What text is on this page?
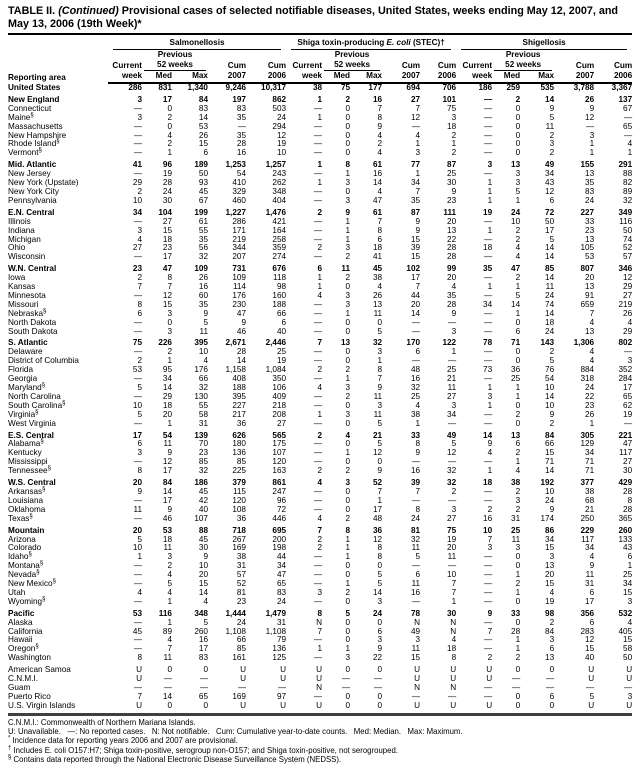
TABLE II. (Continued) Provisional cases of selected notifiable diseases, United States, weeks ending May 12, 2007, and May 13, 2006 (19th Week)*
Reporting area	Salmonellosis					Shiga toxin-producing E. coli (STEC)†					Shigellosis				

		Previous					Previous					Previous			
	Current	52 weeks		Cum	Cum	Current	52 weeks		Cum	Cum	Current	52 weeks		Cum	Cum
	week	Med	Max	2007	2006	week	Med	Max	2007	2006	week	Med	Max	2007	2006
United States	286	831	1,340	9,246	10,317	38	75	177	694	706	186	259	535	3,788	3,367
New England	3	17	84	197	862	1	2	16	27	101	—	2	14	26	137
Connecticut	—	0	83	83	503	—	0	7	7	75	—	0	9	9	67
Maine§	3	2	14	35	24	1	0	8	12	3	—	0	5	12	—
Massachusetts	—	0	53	—	294	—	0	9	—	18	—	0	11	—	65
New Hampshire	—	4	26	35	12	—	0	4	4	2	—	0	2	3	—
Rhode Island§	—	2	15	28	19	—	0	2	1	1	—	0	3	1	4
Vermont§	—	1	6	16	10	—	0	4	3	2	—	0	2	1	1
Mid. Atlantic	41	96	189	1,253	1,257	1	8	61	77	87	3	13	49	155	291
New Jersey	—	19	50	54	243	—	1	16	1	25	—	3	34	13	88
New York (Upstate)	29	28	93	410	262	1	3	14	34	30	1	3	43	35	82
New York City	2	24	45	329	348	—	0	4	7	9	1	5	12	83	89
Pennsylvania	10	30	67	460	404	—	3	47	35	23	1	1	6	24	32
E.N. Central	34	104	199	1,227	1,476	2	9	61	87	111	19	24	72	227	349
Illinois	—	27	61	286	421	—	1	7	9	20	—	10	50	33	116
Indiana	3	15	55	171	164	—	1	8	9	13	1	2	17	23	50
Michigan	4	18	35	219	258	—	1	6	15	22	—	2	5	13	74
Ohio	27	23	56	344	359	2	3	18	39	28	18	4	14	105	52
Wisconsin	—	17	32	207	274	—	2	41	15	28	—	4	14	53	57
W.N. Central	23	47	109	731	676	6	11	45	102	99	35	47	85	807	346
Iowa	2	8	26	109	118	1	2	38	17	20	—	2	14	20	12
Kansas	7	7	16	114	98	1	0	4	7	4	1	1	11	13	29
Minnesota	—	12	60	176	160	4	3	26	44	35	—	5	24	91	27
Missouri	8	15	35	230	188	—	3	13	20	28	34	14	74	659	219
Nebraska§	6	3	9	47	66	—	1	11	14	9	—	1	14	7	26
North Dakota	—	0	5	9	6	—	0	0	—	—	—	0	18	4	4
South Dakota	—	3	11	46	40	—	0	5	—	3	—	6	24	13	29
S. Atlantic	75	226	395	2,671	2,446	7	13	32	170	122	78	71	143	1,306	802
Delaware	—	2	10	28	25	—	0	3	6	1	—	0	2	4	—
District of Columbia	2	1	4	14	19	—	0	1	—	—	—	0	5	4	3
Florida	53	95	176	1,158	1,084	2	2	8	48	25	73	36	76	884	352
Georgia	—	34	66	408	350	—	1	7	16	21	—	25	54	318	284
Maryland§	5	14	32	188	106	4	3	9	32	11	1	1	10	24	17
North Carolina	—	29	130	395	409	—	2	11	25	27	3	1	14	22	65
South Carolina§	10	18	55	227	218	—	0	3	4	3	1	0	10	23	62
Virginia§	5	20	58	217	208	1	3	11	38	34	—	2	9	26	19
West Virginia	—	1	31	36	27	—	0	5	1	—	—	0	2	1	—
E.S. Central	17	54	139	626	565	2	4	21	33	49	14	13	84	305	221
Alabama§	6	11	70	180	175	—	0	5	8	5	9	6	66	129	47
Kentucky	3	9	23	136	107	—	1	12	9	12	4	2	15	34	117
Mississippi	—	12	85	85	120	—	0	0	—	—	—	1	71	71	27
Tennessee§	8	17	32	225	163	2	2	9	16	32	1	4	14	71	30
W.S. Central	20	84	186	379	861	4	3	52	39	32	18	38	192	377	429
Arkansas§	9	14	45	115	247	—	0	7	7	2	—	2	10	38	28
Louisiana	—	17	42	120	96	—	0	1	—	—	—	3	24	68	8
Oklahoma	11	9	40	108	72	—	0	17	8	3	2	2	9	21	28
Texas§	—	46	107	36	446	4	2	48	24	27	16	31	174	250	365
Mountain	20	53	88	718	695	7	8	36	81	75	10	25	86	229	260
Arizona	5	18	45	267	200	2	1	12	32	19	7	11	34	117	133
Colorado	10	11	30	169	198	2	1	8	11	20	3	3	15	34	43
Idaho§	1	3	9	38	44	—	1	8	5	11	—	0	3	4	6
Montana§	—	2	10	31	34	—	0	0	—	—	—	0	13	9	1
Nevada§	—	4	20	57	47	—	0	5	6	10	—	1	20	11	25
New Mexico§	—	5	15	52	65	—	1	5	11	7	—	2	15	31	34
Utah	4	4	14	81	83	3	2	14	16	7	—	1	4	6	15
Wyoming§	—	1	4	23	24	—	0	3	—	1	—	0	19	17	3
Pacific	53	116	348	1,444	1,479	8	5	24	78	30	9	33	98	356	532
Alaska	—	1	5	24	31	N	0	0	N	N	—	0	2	6	4
California	45	89	260	1,108	1,108	7	0	6	49	N	7	28	84	283	405
Hawaii	—	4	16	66	79	—	0	3	3	4	—	1	3	12	15
Oregon§	—	7	17	85	136	1	1	9	11	18	—	1	6	15	58
Washington	8	11	83	161	125	—	3	22	15	8	2	2	13	40	50
American Samoa	U	0	0	U	U	U	0	0	U	U	U	0	0	U	U
C.N.M.I.	U	—	—	U	U	U	—	—	U	U	U	—	—	U	U
Guam	—	—	—	—	—	N	—	—	N	N	—	—	—	—	—
Puerto Rico	7	14	65	169	97	—	0	0	—	—	—	0	6	5	3
U.S. Virgin Islands	U	0	0	U	U	U	0	0	U	U	U	0	0	U	U
C.N.M.I.: Commonwealth of Northern Mariana Islands.
U: Unavailable.   —: No reported cases.   N: Not notifiable.   Cum: Cumulative year-to-date counts.   Med: Median.   Max: Maximum.
* Incidence data for reporting years 2006 and 2007 are provisional.
† Includes E. coli O157:H7; Shiga toxin-positive, serogroup non-O157; and Shiga toxin-positive, not serogrouped.
§ Contains data reported through the National Electronic Disease Surveillance System (NEDSS).
